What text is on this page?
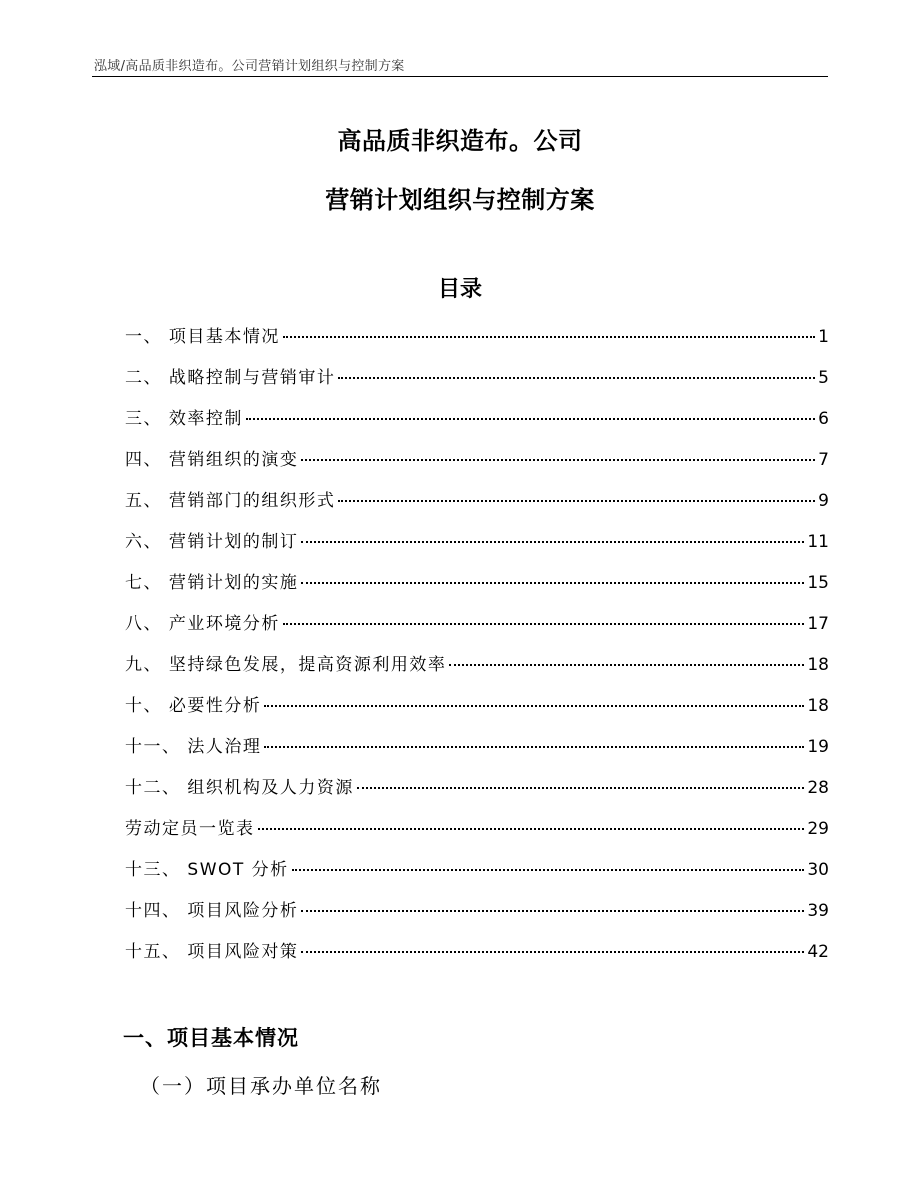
泓域/高品质非织造布。公司营销计划组织与控制方案
高品质非织造布。公司
营销计划组织与控制方案
目录
一、 项目基本情况	1
二、 战略控制与营销审计	5
三、 效率控制	6
四、 营销组织的演变	7
五、 营销部门的组织形式	9
六、 营销计划的制订	11
七、 营销计划的实施	15
八、 产业环境分析	17
九、 坚持绿色发展，提高资源利用效率	18
十、 必要性分析	18
十一、 法人治理	19
十二、 组织机构及人力资源	28
劳动定员一览表	29
十三、 SWOT 分析	30
十四、 项目风险分析	39
十五、 项目风险对策	42
一、项目基本情况
（一）项目承办单位名称
